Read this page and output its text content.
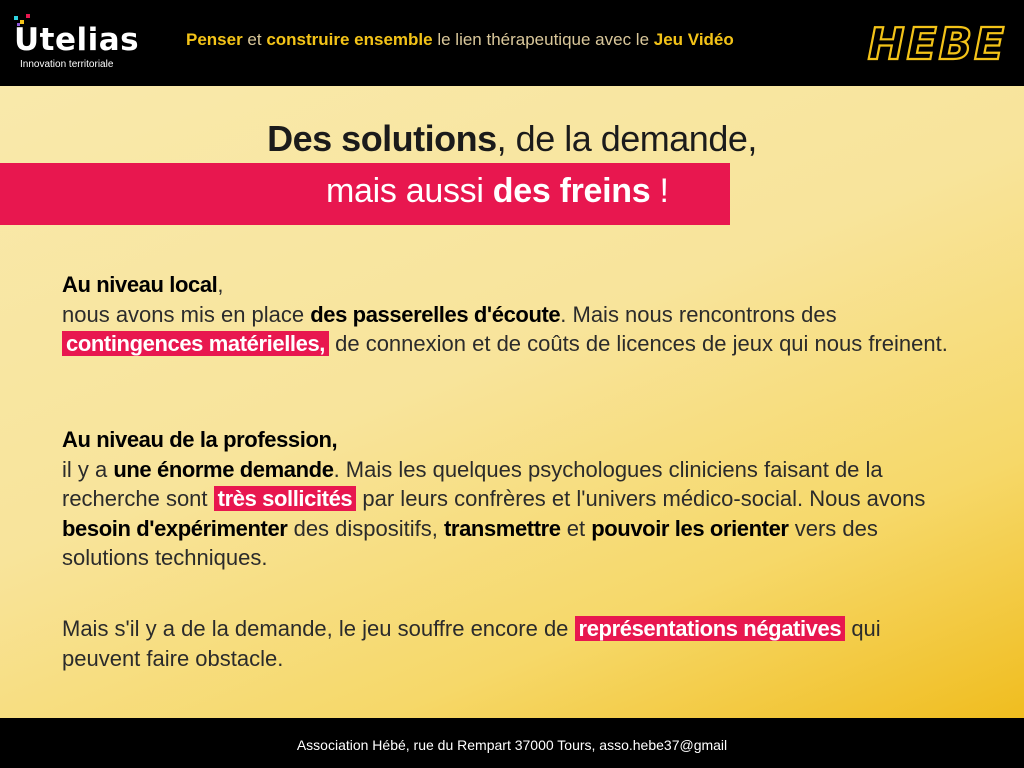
Utelias
Innovation territoriale
Penser et construire ensemble le lien thérapeutique avec le Jeu Vidéo	HEBE
Des solutions, de la demande,
mais aussi des freins !
Au niveau local,
nous avons mis en place des passerelles d'écoute. Mais nous rencontrons des
contingences matérielles, de connexion et de coûts de licences de jeux qui nous freinent.
Au niveau de la profession,
il y a une énorme demande. Mais les quelques psychologues cliniciens faisant de la recherche sont très sollicités par leurs confrères et l'univers médico-social. Nous avons besoin d'expérimenter des dispositifs, transmettre et pouvoir les orienter vers des solutions techniques.
Mais s'il y a de la demande, le jeu souffre encore de représentations négatives qui peuvent faire obstacle.
Association Hébé, rue du Rempart 37000 Tours, asso.hebe37@gmail
